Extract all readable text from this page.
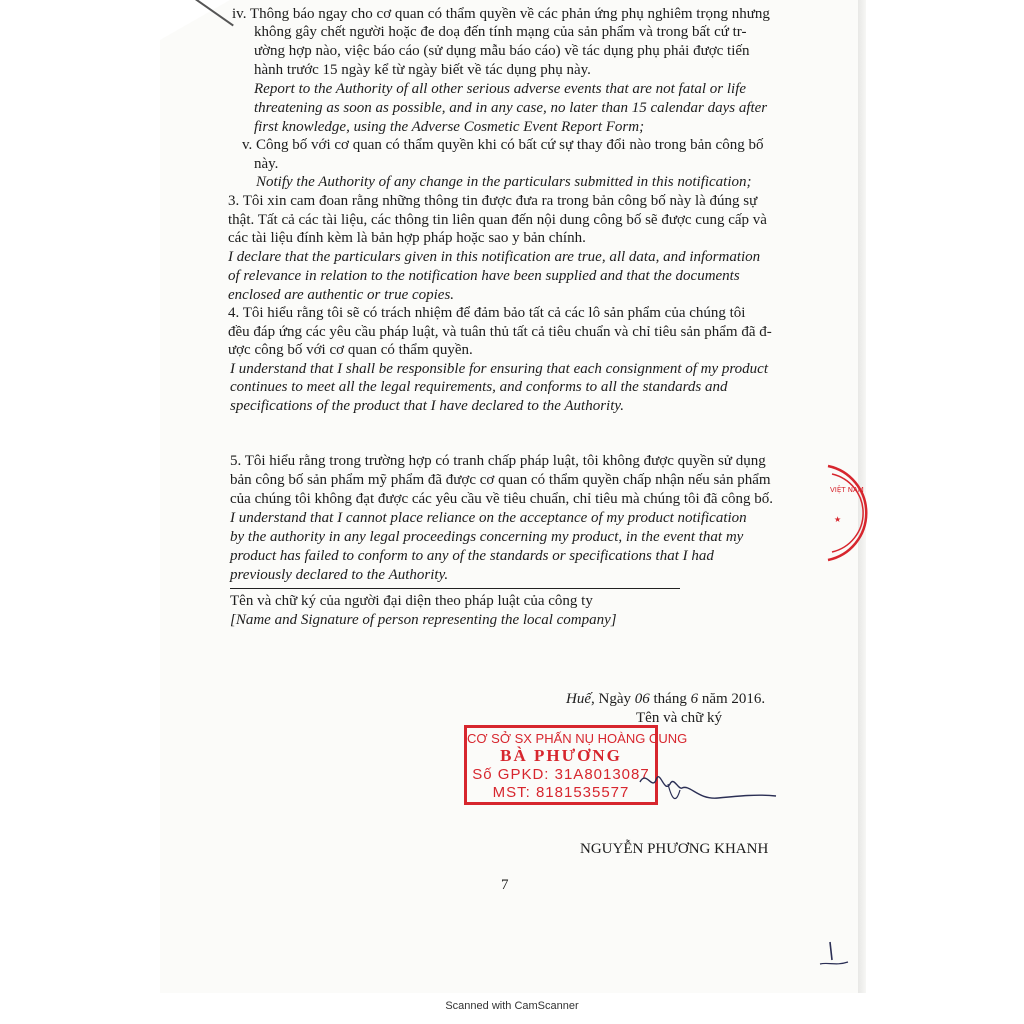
iv. Thông báo ngay cho cơ quan có thẩm quyền về các phản ứng phụ nghiêm trọng nhưng
không gây chết người hoặc đe doạ đến tính mạng của sản phẩm và trong bất cứ tr-
ường hợp nào, việc báo cáo (sử dụng mẫu báo cáo) về tác dụng phụ phải được tiến
hành trước 15 ngày kể từ ngày biết về tác dụng phụ này.
Report to the Authority of all other serious adverse events that are not fatal or life
threatening as soon as possible, and in any case, no later than 15 calendar days after
first knowledge, using the Adverse Cosmetic Event Report Form;
v. Công bố với cơ quan có thẩm quyền khi có bất cứ sự thay đổi nào trong bản công bố
này.
Notify the Authority of any change in the particulars submitted in this notification;
3. Tôi xin cam đoan rằng những thông tin được đưa ra trong bản công bố này là đúng sự
thật. Tất cả các tài liệu, các thông tin liên quan đến nội dung công bố sẽ được cung cấp và
các tài liệu đính kèm là bản hợp pháp hoặc sao y bản chính.
I declare that the particulars given in this notification are true, all data, and information
of relevance in relation to the notification have been supplied and that the documents
enclosed are authentic or true copies.
4. Tôi hiểu rằng tôi sẽ có trách nhiệm để đảm bảo tất cả các lô sản phẩm của chúng tôi
đều đáp ứng các yêu cầu pháp luật, và tuân thủ tất cả tiêu chuẩn và chỉ tiêu sản phẩm đã đ-
ược công bố với cơ quan có thẩm quyền.
I understand that I shall be responsible for ensuring that each consignment of my product
continues to meet all the legal requirements, and conforms to all the standards and
specifications of the product that I have declared to the Authority.
5. Tôi hiểu rằng trong trường hợp có tranh chấp pháp luật, tôi không được quyền sử dụng
bản công bố sản phẩm mỹ phẩm đã được cơ quan có thẩm quyền chấp nhận nếu sản phẩm
của chúng tôi không đạt được các yêu cầu về tiêu chuẩn, chỉ tiêu mà chúng tôi đã công bố.
I understand that I cannot place reliance on the acceptance of my product notification
by the authority in any legal proceedings concerning my product, in the event that my
product has failed to conform to any of the standards or specifications that I had
previously declared to the Authority.
Tên và chữ ký của người đại diện theo pháp luật của công ty
[Name and Signature of person representing the local company]
Huế, Ngày 06 tháng 6 năm 2016.
Tên và chữ ký
CƠ SỞ SX PHẤN NỤ HOÀNG CUNG
BÀ PHƯƠNG
Số GPKD: 31A8013087
MST: 8181535577
NGUYỄN PHƯƠNG KHANH
7
VIỆT NAM
★
Scanned with CamScanner
